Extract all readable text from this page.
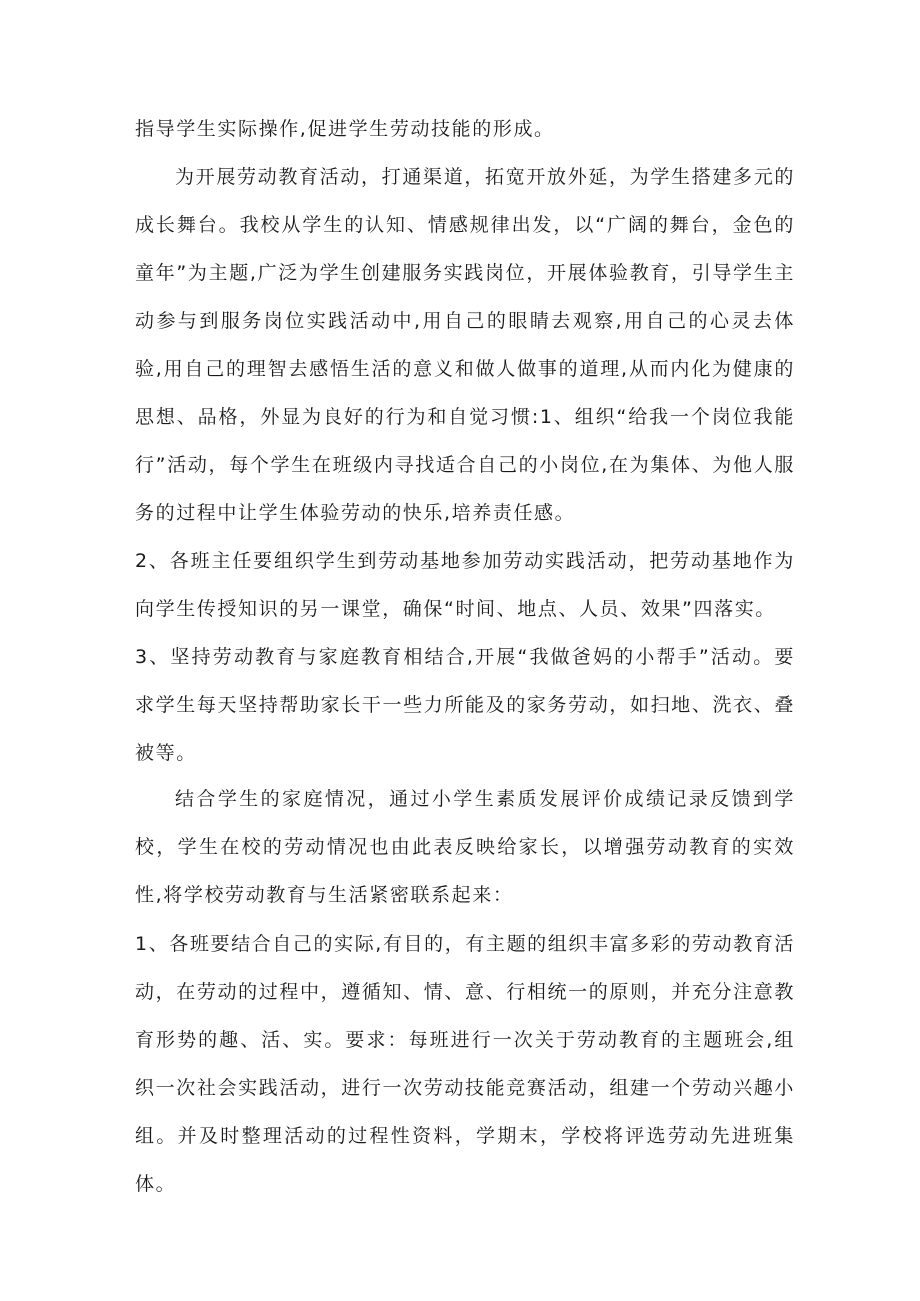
指导学生实际操作,促进学生劳动技能的形成。

为开展劳动教育活动，打通渠道，拓宽开放外延，为学生搭建多元的成长舞台。我校从学生的认知、情感规律出发，以“广阔的舞台，金色的童年”为主题,广泛为学生创建服务实践岗位，开展体验教育，引导学生主动参与到服务岗位实践活动中,用自己的眼睛去观察,用自己的心灵去体验,用自己的理智去感悟生活的意义和做人做事的道理,从而内化为健康的思想、品格，外显为良好的行为和自觉习惯:1、组织“给我一个岗位我能行”活动，每个学生在班级内寻找适合自己的小岗位,在为集体、为他人服务的过程中让学生体验劳动的快乐,培养责任感。

2、各班主任要组织学生到劳动基地参加劳动实践活动，把劳动基地作为向学生传授知识的另一课堂，确保“时间、地点、人员、效果”四落实。

3、坚持劳动教育与家庭教育相结合,开展“我做爸妈的小帮手”活动。要求学生每天坚持帮助家长干一些力所能及的家务劳动，如扫地、洗衣、叠被等。

结合学生的家庭情况，通过小学生素质发展评价成绩记录反馈到学校，学生在校的劳动情况也由此表反映给家长，以增强劳动教育的实效性,将学校劳动教育与生活紧密联系起来：

1、各班要结合自己的实际,有目的，有主题的组织丰富多彩的劳动教育活动，在劳动的过程中，遵循知、情、意、行相统一的原则，并充分注意教育形势的趣、活、实。要求：每班进行一次关于劳动教育的主题班会,组织一次社会实践活动，进行一次劳动技能竞赛活动，组建一个劳动兴趣小组。并及时整理活动的过程性资料，学期末，学校将评选劳动先进班集体。
